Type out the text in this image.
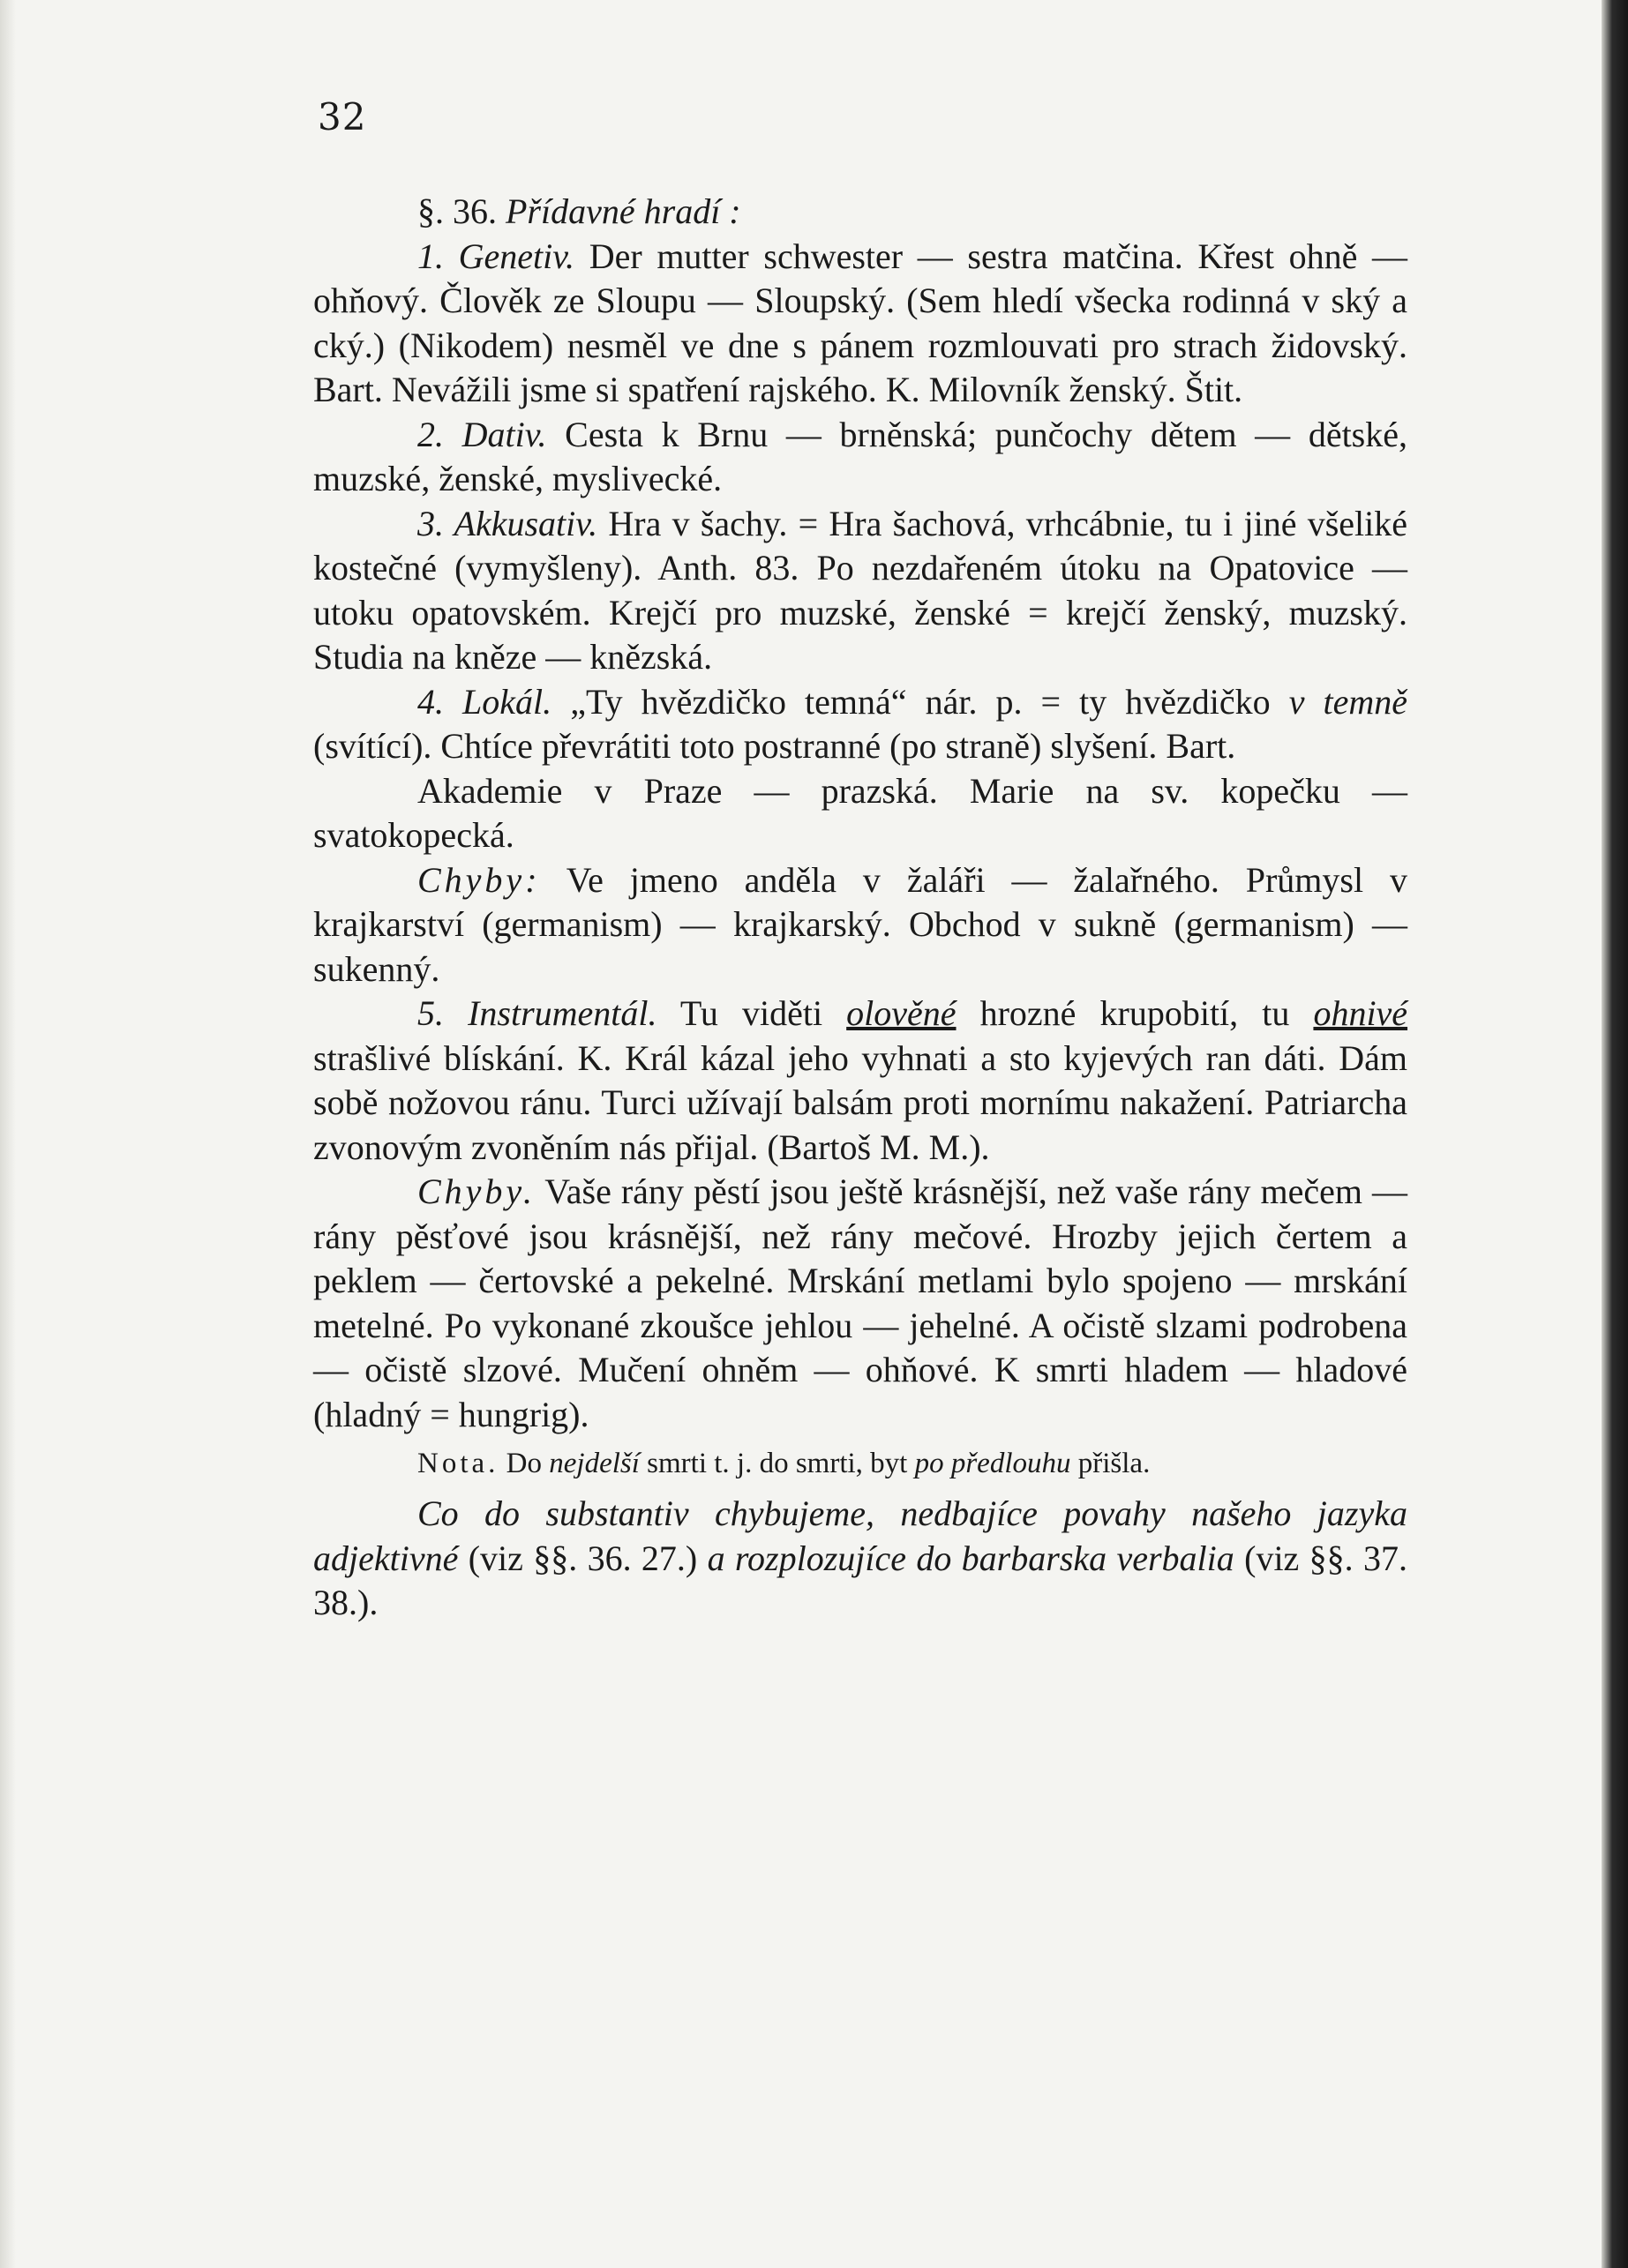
32

§. 36. Přídavné hradí :

1. Genetiv. Der mutter schwester — sestra matčina. Křest ohně — ohňový. Člověk ze Sloupu — Sloupský. (Sem hledí všecka rodinná v ský a cký.) (Nikodem) nesměl ve dne s pánem rozmlouvati pro strach židovský. Bart. Nevážili jsme si spatření rajského. K. Milovník ženský. Štit.

2. Dativ. Cesta k Brnu — brněnská; punčochy dětem — dětské, muzské, ženské, myslivecké.

3. Akkusativ. Hra v šachy. = Hra šachová, vrhcábnie, tu i jiné všeliké kostečné (vymyšleny). Anth. 83. Po nezdařeném útoku na Opatovice — utoku opatovském. Krejčí pro muzské, ženské = krejčí ženský, muzský. Studia na kněze — knězská.

4. Lokál. „Ty hvězdičko temná“ nár. p. = ty hvězdičko v temně (svítící). Chtíce převrátiti toto postranné (po straně) slyšení. Bart.

Akademie v Praze — prazská. Marie na sv. kopečku — svatokopecká.

Chyby: Ve jmeno anděla v žaláři — žalařného. Průmysl v krajkarství (germanism) — krajkarský. Obchod v sukně (germanism) — sukenný.

5. Instrumentál. Tu viděti olověné hrozné krupobití, tu ohnivé strašlivé blískání. K. Král kázal jeho vyhnati a sto kyjevých ran dáti. Dám sobě nožovou ránu. Turci užívají balsám proti mornímu nakažení. Patriarcha zvonovým zvoněním nás přijal. (Bartoš M. M.).

Chyby. Vaše rány pěstí jsou ještě krásnější, než vaše rány mečem — rány pěsťové jsou krásnější, než rány mečové. Hrozby jejich čertem a peklem — čertovské a pekelné. Mrskání metlami bylo spojeno — mrskání metelné. Po vykonané zkoušce jehlou — jehelné. A očistě slzami podrobena — očistě slzové. Mučení ohněm — ohňové. K smrti hladem — hladové (hladný = hungrig).

Nota. Do nejdelší smrti t. j. do smrti, byt po předlouhu přišla.

Co do substantiv chybujeme, nedbajíce povahy našeho jazyka adjektivné (viz §§. 36. 27.) a rozplozujíce do barbarska verbalia (viz §§. 37. 38.).
